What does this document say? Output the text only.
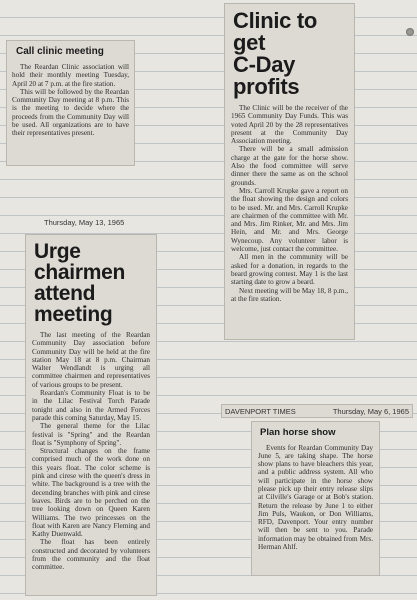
Call clinic meeting

The Reardan Clinic association will hold their monthly meeting Tuesday, April 20 at 7 p.m. at the fire station.

This will be followed by the Reardan Community Day meeting at 8 p.m. This is the meeting to decide where the proceeds from the Community Day will be used. All organizations are to have their representatives present.

Clinic to get
C-Day profits

The Clinic will be the receiver of the 1965 Community Day Funds. This was voted April 20 by the 28 representatives present at the Community Day Association meeting.

There will be a small admission charge at the gate for the horse show. Also the food committee will serve dinner there the same as on the school grounds.

Mrs. Carroll Krupke gave a report on the float showing the design and colors to be used. Mr. and Mrs. Carroll Krupke are chairmen of the committee with Mr. and Mrs. Jim Rinker, Mr. and Mrs. Jim Hein, and Mr. and Mrs. George Wynecoup. Any volunteer labor is welcome, just contact the committee.

All men in the community will be asked for a donation, in regards to the beard growing contest. May 1 is the last starting date to grow a beard.

Next meeting will be May 18, 8 p.m., at the fire station.

Thursday, May 13, 1965
Urge chairmen
attend meeting

The last meeting of the Reardan Community Day association before Community Day will be held at the fire station May 18 at 8 p.m. Chairman Walter Wendlandt is urging all committee chairmen and representatives of various groups to be present.

Reardan's Community Float is to be in the Lilac Festival Torch Parade tonight and also in the Armed Forces parade this coming Saturday, May 15.

The general theme for the Lilac festival is "Spring" and the Reardan float is "Symphony of Spring".

Structural changes on the frame comprised much of the work done on this years float. The color scheme is pink and cirese with the queen's dress in white. The background is a tree with the decending branches with pink and cirese leaves. Birds are to be perched on the tree looking down on Queen Karen Williams. The two princesses on the float with Karen are Nancy Fleming and Kathy Duenwald.

The float has been entirely constructed and decorated by volunteers from the community and the float committee.

DAVENPORT TIMES	Thursday, May 6, 1965
Plan horse show

Events for Reardan Community Day June 5, are taking shape. The horse show plans to have bleachers this year, and a public address system. All who will participate in the horse show please pick up their entry release slips at Cilville's Garage or at Bob's station. Return the release by June 1 to either Jim Puls, Waukon, or Don Williams, RFD, Davenport. Your entry number will then be sent to you. Parade information may be obtained from Mrs. Herman Ahlf.
